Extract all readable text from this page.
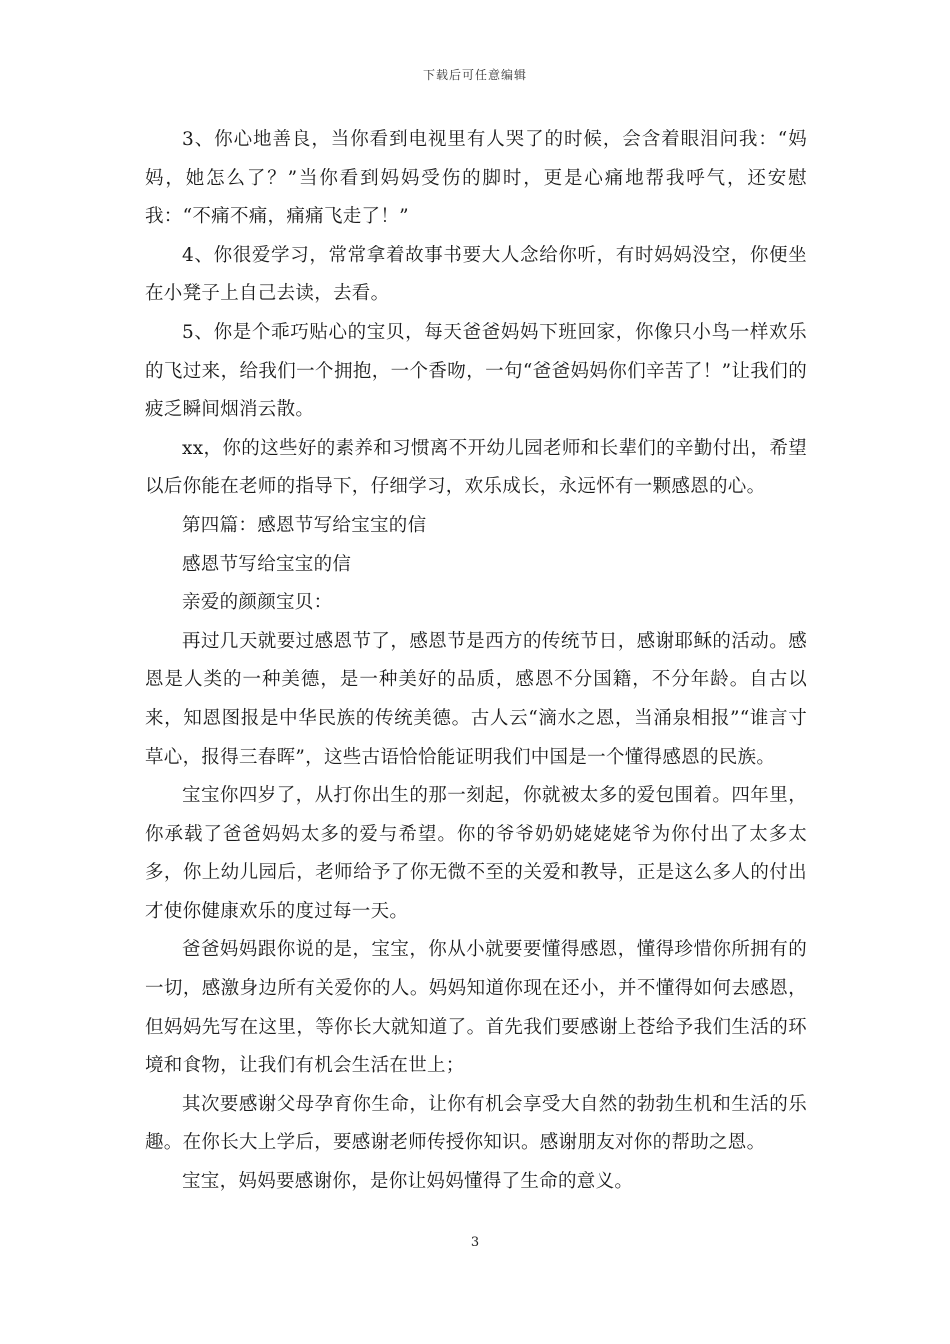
下载后可任意编辑

3、你心地善良，当你看到电视里有人哭了的时候，会含着眼泪问我：“妈妈，她怎么了？”当你看到妈妈受伤的脚时，更是心痛地帮我呼气，还安慰我：“不痛不痛，痛痛飞走了！”

4、你很爱学习，常常拿着故事书要大人念给你听，有时妈妈没空，你便坐在小凳子上自己去读，去看。

5、你是个乖巧贴心的宝贝，每天爸爸妈妈下班回家，你像只小鸟一样欢乐的飞过来，给我们一个拥抱，一个香吻，一句“爸爸妈妈你们辛苦了！”让我们的疲乏瞬间烟消云散。

xx，你的这些好的素养和习惯离不开幼儿园老师和长辈们的辛勤付出，希望以后你能在老师的指导下，仔细学习，欢乐成长，永远怀有一颗感恩的心。

第四篇：感恩节写给宝宝的信

感恩节写给宝宝的信

亲爱的颜颜宝贝：

再过几天就要过感恩节了，感恩节是西方的传统节日，感谢耶稣的活动。感恩是人类的一种美德，是一种美好的品质，感恩不分国籍，不分年龄。自古以来，知恩图报是中华民族的传统美德。古人云“滴水之恩，当涌泉相报”“谁言寸草心，报得三春晖”，这些古语恰恰能证明我们中国是一个懂得感恩的民族。

宝宝你四岁了，从打你出生的那一刻起，你就被太多的爱包围着。四年里，你承载了爸爸妈妈太多的爱与希望。你的爷爷奶奶姥姥姥爷为你付出了太多太多，你上幼儿园后，老师给予了你无微不至的关爱和教导，正是这么多人的付出才使你健康欢乐的度过每一天。

爸爸妈妈跟你说的是，宝宝，你从小就要要懂得感恩，懂得珍惜你所拥有的一切，感激身边所有关爱你的人。妈妈知道你现在还小，并不懂得如何去感恩，但妈妈先写在这里，等你长大就知道了。首先我们要感谢上苍给予我们生活的环境和食物，让我们有机会生活在世上；

其次要感谢父母孕育你生命，让你有机会享受大自然的勃勃生机和生活的乐趣。在你长大上学后，要感谢老师传授你知识。感谢朋友对你的帮助之恩。

宝宝，妈妈要感谢你，是你让妈妈懂得了生命的意义。

3
